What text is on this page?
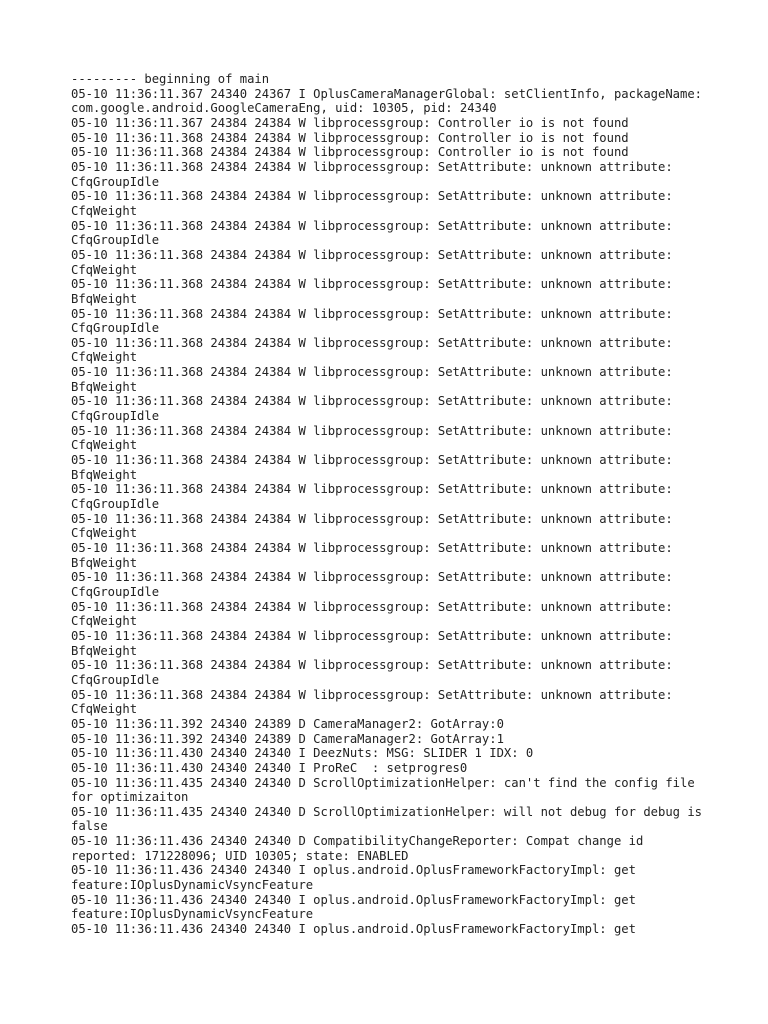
--------- beginning of main
05-10 11:36:11.367 24340 24367 I OplusCameraManagerGlobal: setClientInfo, packageName: com.google.android.GoogleCameraEng, uid: 10305, pid: 24340
05-10 11:36:11.367 24384 24384 W libprocessgroup: Controller io is not found
05-10 11:36:11.368 24384 24384 W libprocessgroup: Controller io is not found
05-10 11:36:11.368 24384 24384 W libprocessgroup: Controller io is not found
05-10 11:36:11.368 24384 24384 W libprocessgroup: SetAttribute: unknown attribute: CfqGroupIdle
05-10 11:36:11.368 24384 24384 W libprocessgroup: SetAttribute: unknown attribute: CfqWeight
05-10 11:36:11.368 24384 24384 W libprocessgroup: SetAttribute: unknown attribute: CfqGroupIdle
05-10 11:36:11.368 24384 24384 W libprocessgroup: SetAttribute: unknown attribute: CfqWeight
05-10 11:36:11.368 24384 24384 W libprocessgroup: SetAttribute: unknown attribute: BfqWeight
05-10 11:36:11.368 24384 24384 W libprocessgroup: SetAttribute: unknown attribute: CfqGroupIdle
05-10 11:36:11.368 24384 24384 W libprocessgroup: SetAttribute: unknown attribute: CfqWeight
05-10 11:36:11.368 24384 24384 W libprocessgroup: SetAttribute: unknown attribute: BfqWeight
05-10 11:36:11.368 24384 24384 W libprocessgroup: SetAttribute: unknown attribute: CfqGroupIdle
05-10 11:36:11.368 24384 24384 W libprocessgroup: SetAttribute: unknown attribute: CfqWeight
05-10 11:36:11.368 24384 24384 W libprocessgroup: SetAttribute: unknown attribute: BfqWeight
05-10 11:36:11.368 24384 24384 W libprocessgroup: SetAttribute: unknown attribute: CfqGroupIdle
05-10 11:36:11.368 24384 24384 W libprocessgroup: SetAttribute: unknown attribute: CfqWeight
05-10 11:36:11.368 24384 24384 W libprocessgroup: SetAttribute: unknown attribute: BfqWeight
05-10 11:36:11.368 24384 24384 W libprocessgroup: SetAttribute: unknown attribute: CfqGroupIdle
05-10 11:36:11.368 24384 24384 W libprocessgroup: SetAttribute: unknown attribute: CfqWeight
05-10 11:36:11.368 24384 24384 W libprocessgroup: SetAttribute: unknown attribute: BfqWeight
05-10 11:36:11.368 24384 24384 W libprocessgroup: SetAttribute: unknown attribute: CfqGroupIdle
05-10 11:36:11.368 24384 24384 W libprocessgroup: SetAttribute: unknown attribute: CfqWeight
05-10 11:36:11.392 24340 24389 D CameraManager2: GotArray:0
05-10 11:36:11.392 24340 24389 D CameraManager2: GotArray:1
05-10 11:36:11.430 24340 24340 I DeezNuts: MSG: SLIDER 1 IDX: 0
05-10 11:36:11.430 24340 24340 I ProReC  : setprogres0
05-10 11:36:11.435 24340 24340 D ScrollOptimizationHelper: can't find the config file for optimizaiton
05-10 11:36:11.435 24340 24340 D ScrollOptimizationHelper: will not debug for debug is false
05-10 11:36:11.436 24340 24340 D CompatibilityChangeReporter: Compat change id reported: 171228096; UID 10305; state: ENABLED
05-10 11:36:11.436 24340 24340 I oplus.android.OplusFrameworkFactoryImpl: get feature:IOplusDynamicVsyncFeature
05-10 11:36:11.436 24340 24340 I oplus.android.OplusFrameworkFactoryImpl: get feature:IOplusDynamicVsyncFeature
05-10 11:36:11.436 24340 24340 I oplus.android.OplusFrameworkFactoryImpl: get
